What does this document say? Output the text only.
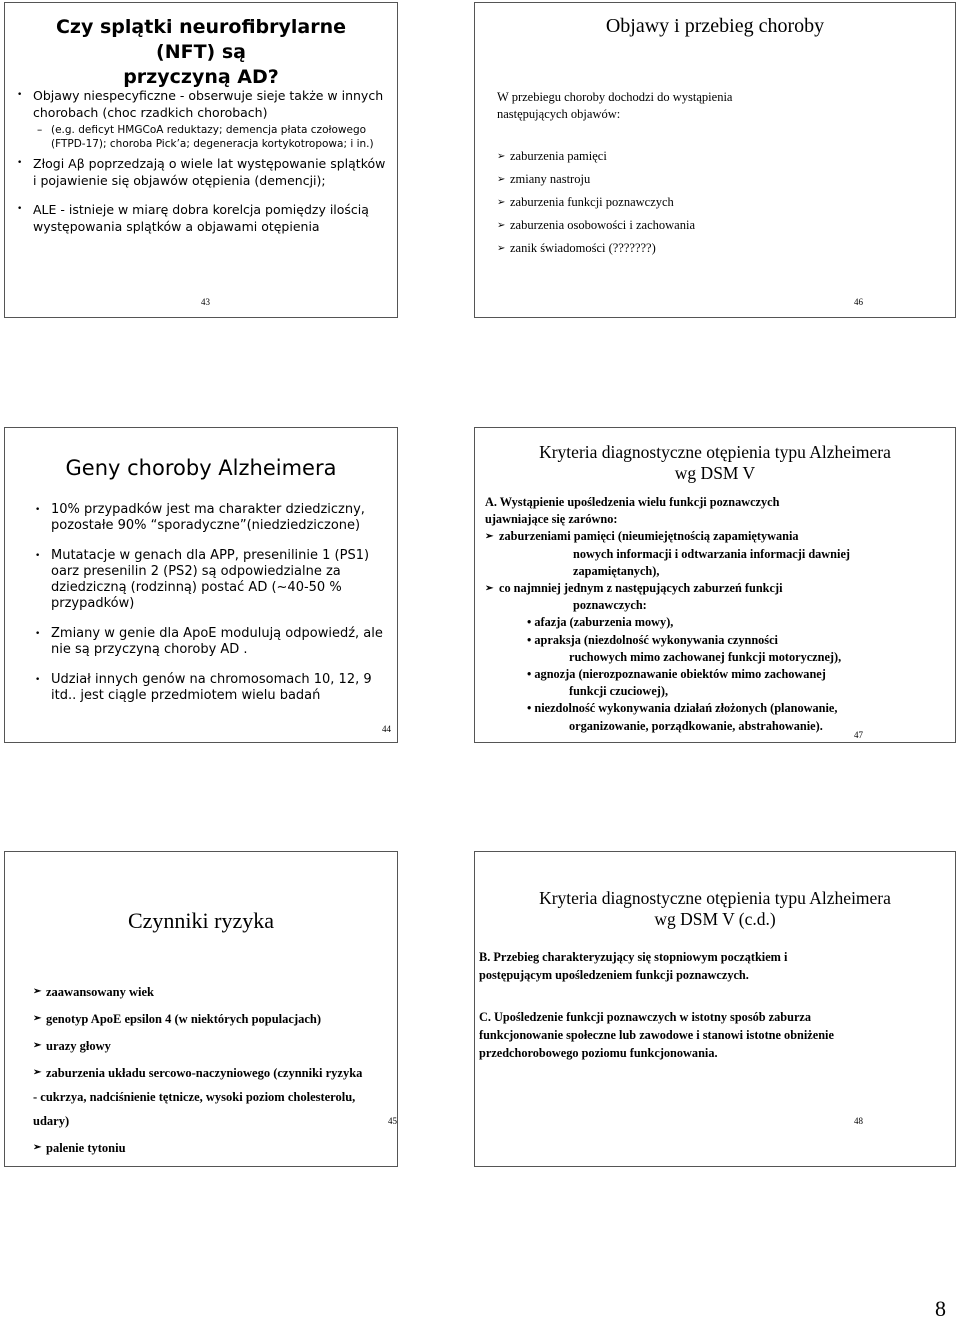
Czy splątki neurofibrylarne (NFT) są
przyczyną AD?
• Objawy niespecyficzne - obserwuje sieje także w innych chorobach (choc rzadkich chorobach)
– (e.g. deficyt HMGCoA reduktazy; demencja płata czołowego (FTPD-17); choroba Pick’a; degeneracja kortykotropowa; i in.)
• Złogi Aβ poprzedzają o wiele lat występowanie splątków i pojawienie się objawów otępienia (demencji);
• ALE - istnieje w miarę dobra korelcja pomiędzy ilością występowania splątków a objawami otępienia
43
Objawy i przebieg choroby
W przebiegu choroby dochodzi do wystąpienia następujących objawów:
➢ zaburzenia pamięci
➢ zmiany nastroju
➢ zaburzenia funkcji poznawczych
➢ zaburzenia osobowości i zachowania
➢ zanik świadomości (???????)
46
Geny choroby Alzheimera
• 10% przypadków jest ma charakter dziedziczny, pozostałe 90% “sporadyczne”(niedziedziczone)
• Mutatacje w genach dla APP, presenilinie 1 (PS1) oarz presenilin 2 (PS2) są odpowiedzialne za dziedziczną (rodzinną) postać AD (~40-50 % przypadków)
• Zmiany w genie dla ApoE modulują odpowiedź, ale nie są przyczyną choroby AD .
• Udział innych genów na chromosomach 10, 12, 9 itd.. jest ciągle przedmiotem wielu badań
44
Kryteria diagnostyczne otępienia typu Alzheimera
wg DSM V
A. Wystąpienie upośledzenia wielu funkcji poznawczych
ujawniające się zarówno:
➢ zaburzeniami pamięci (nieumiejętnością zapamiętywania
nowych informacji i odtwarzania informacji dawniej
zapamiętanych),
➢ co najmniej jednym z następujących zaburzeń funkcji
poznawczych:
• afazja (zaburzenia mowy),
• apraksja (niezdolność wykonywania czynności
ruchowych mimo zachowanej funkcji motorycznej),
• agnozja (nierozpoznawanie obiektów mimo zachowanej
funkcji czuciowej),
• niezdolność wykonywania działań złożonych (planowanie,
organizowanie, porządkowanie, abstrahowanie).
47
Czynniki ryzyka
➢ zaawansowany wiek
➢ genotyp ApoE epsilon 4 (w niektórych populacjach)
➢ urazy głowy
➢ zaburzenia układu sercowo-naczyniowego (czynniki ryzyka
- cukrzya, nadciśnienie tętnicze, wysoki poziom cholesterolu,
udary)
➢ palenie tytoniu
45
Kryteria diagnostyczne otępienia typu Alzheimera
wg DSM V (c.d.)
B. Przebieg charakteryzujący się stopniowym początkiem i
postępującym upośledzeniem funkcji poznawczych.
C. Upośledzenie funkcji poznawczych w istotny sposób zaburza
funkcjonowanie społeczne lub zawodowe i stanowi istotne obniżenie
przedchorobowego poziomu funkcjonowania.
48
8
